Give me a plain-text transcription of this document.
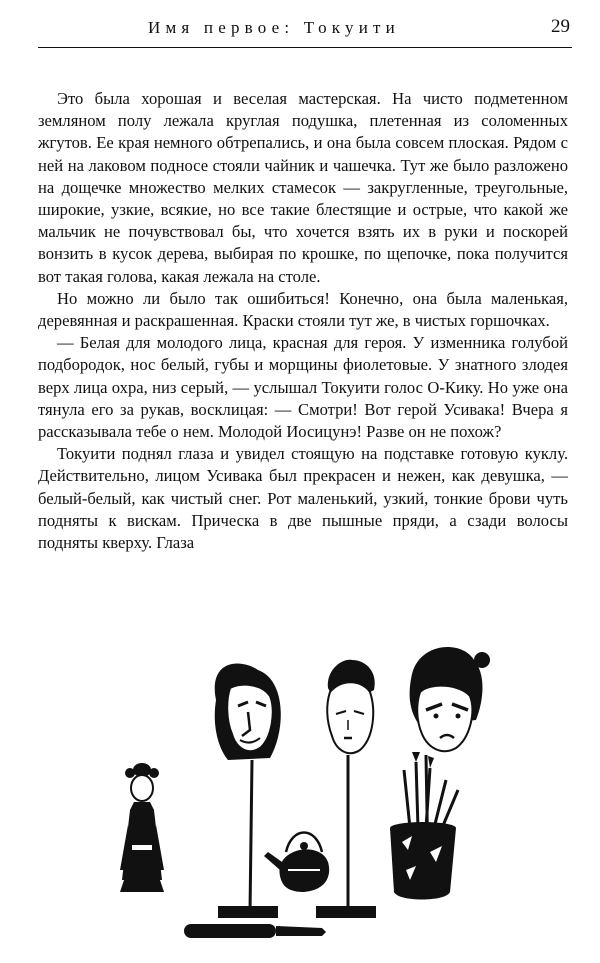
Имя первое: Токуити	29

Это была хорошая и веселая мастерская. На чисто подметенном земляном полу лежала круглая подушка, плетенная из соломенных жгутов. Ее края немного обтрепались, и она была совсем плоская. Рядом с ней на лаковом подносе стояли чайник и чашечка. Тут же было разложено на дощечке множество мелких стамесок — закругленные, треугольные, широкие, узкие, всякие, но все такие блестящие и острые, что какой же мальчик не почувствовал бы, что хочется взять их в руки и поскорей вонзить в кусок дерева, выбирая по крошке, по щепочке, пока получится вот такая голова, какая лежала на столе.

Но можно ли было так ошибиться! Конечно, она была маленькая, деревянная и раскрашенная. Краски стояли тут же, в чистых горшочках.

— Белая для молодого лица, красная для героя. У изменника голубой подбородок, нос белый, губы и морщины фиолетовые. У знатного злодея верх лица охра, низ серый, — услышал Токуити голос О-Кику. Но уже она тянула его за рукав, восклицая: — Смотри! Вот герой Усивака! Вчера я рассказывала тебе о нем. Молодой Иосицунэ! Разве он не похож?

Токуити поднял глаза и увидел стоящую на подставке готовую куклу. Действительно, лицом Усивака был прекрасен и нежен, как девушка, — белый-белый, как чистый снег. Рот маленький, узкий, тонкие брови чуть подняты к вискам. Прическа в две пышные пряди, а сзади волосы подняты кверху. Глаза
